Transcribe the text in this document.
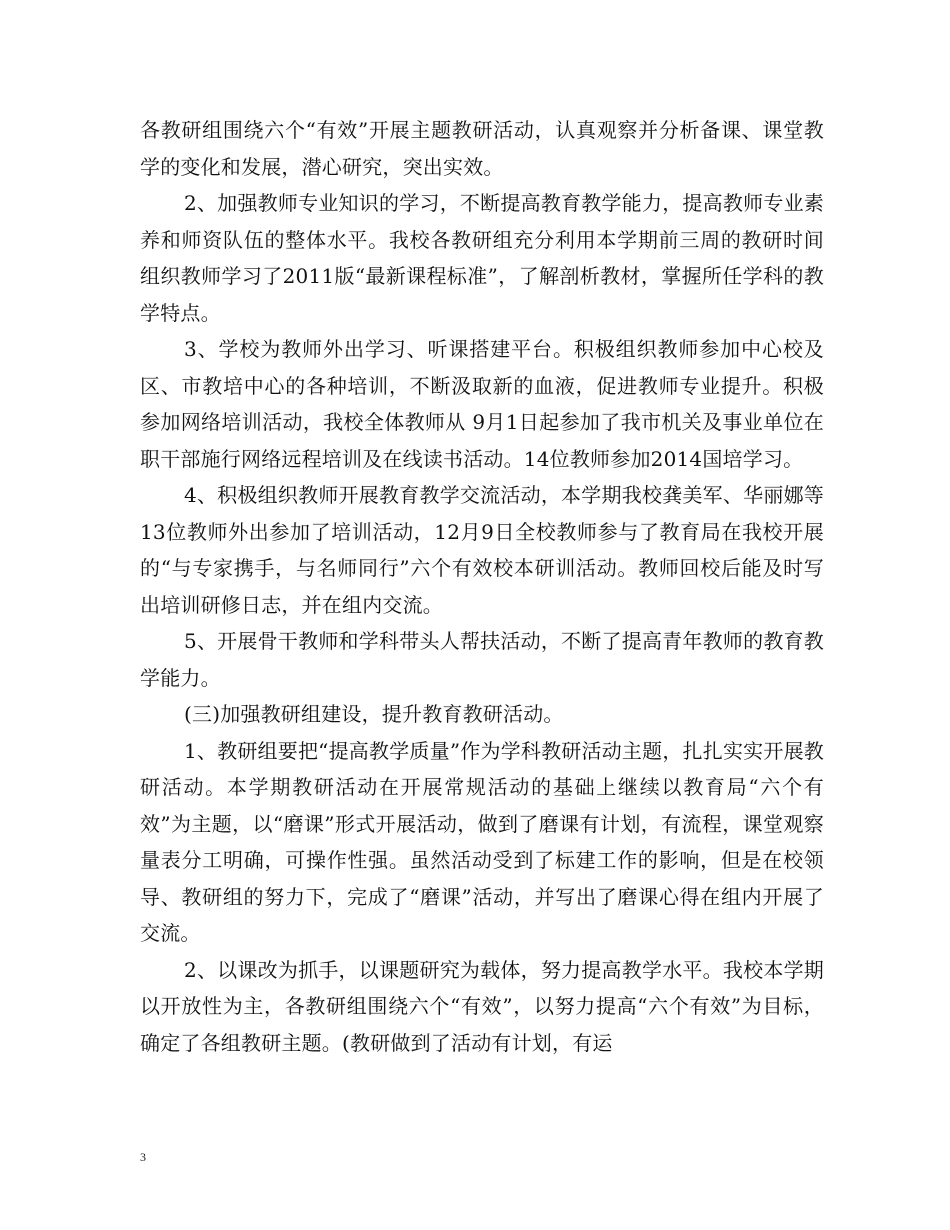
各教研组围绕六个“有效”开展主题教研活动，认真观察并分析备课、课堂教学的变化和发展，潜心研究，突出实效。

2、加强教师专业知识的学习，不断提高教育教学能力，提高教师专业素养和师资队伍的整体水平。我校各教研组充分利用本学期前三周的教研时间组织教师学习了2011版“最新课程标准”，了解剖析教材，掌握所任学科的教学特点。

3、学校为教师外出学习、听课搭建平台。积极组织教师参加中心校及区、市教培中心的各种培训，不断汲取新的血液，促进教师专业提升。积极参加网络培训活动，我校全体教师从 9月1日起参加了我市机关及事业单位在职干部施行网络远程培训及在线读书活动。14位教师参加2014国培学习。

4、积极组织教师开展教育教学交流活动，本学期我校龚美军、华丽娜等13位教师外出参加了培训活动，12月9日全校教师参与了教育局在我校开展的“与专家携手，与名师同行”六个有效校本研训活动。教师回校后能及时写出培训研修日志，并在组内交流。

5、开展骨干教师和学科带头人帮扶活动，不断了提高青年教师的教育教学能力。

(三)加强教研组建设，提升教育教研活动。

1、教研组要把“提高教学质量”作为学科教研活动主题，扎扎实实开展教研活动。本学期教研活动在开展常规活动的基础上继续以教育局“六个有效”为主题，以“磨课”形式开展活动，做到了磨课有计划，有流程，课堂观察量表分工明确，可操作性强。虽然活动受到了标建工作的影响，但是在校领导、教研组的努力下，完成了“磨课”活动，并写出了磨课心得在组内开展了交流。

2、以课改为抓手，以课题研究为载体，努力提高教学水平。我校本学期以开放性为主，各教研组围绕六个“有效”，以努力提高“六个有效”为目标，确定了各组教研主题。(教研做到了活动有计划，有运

3
